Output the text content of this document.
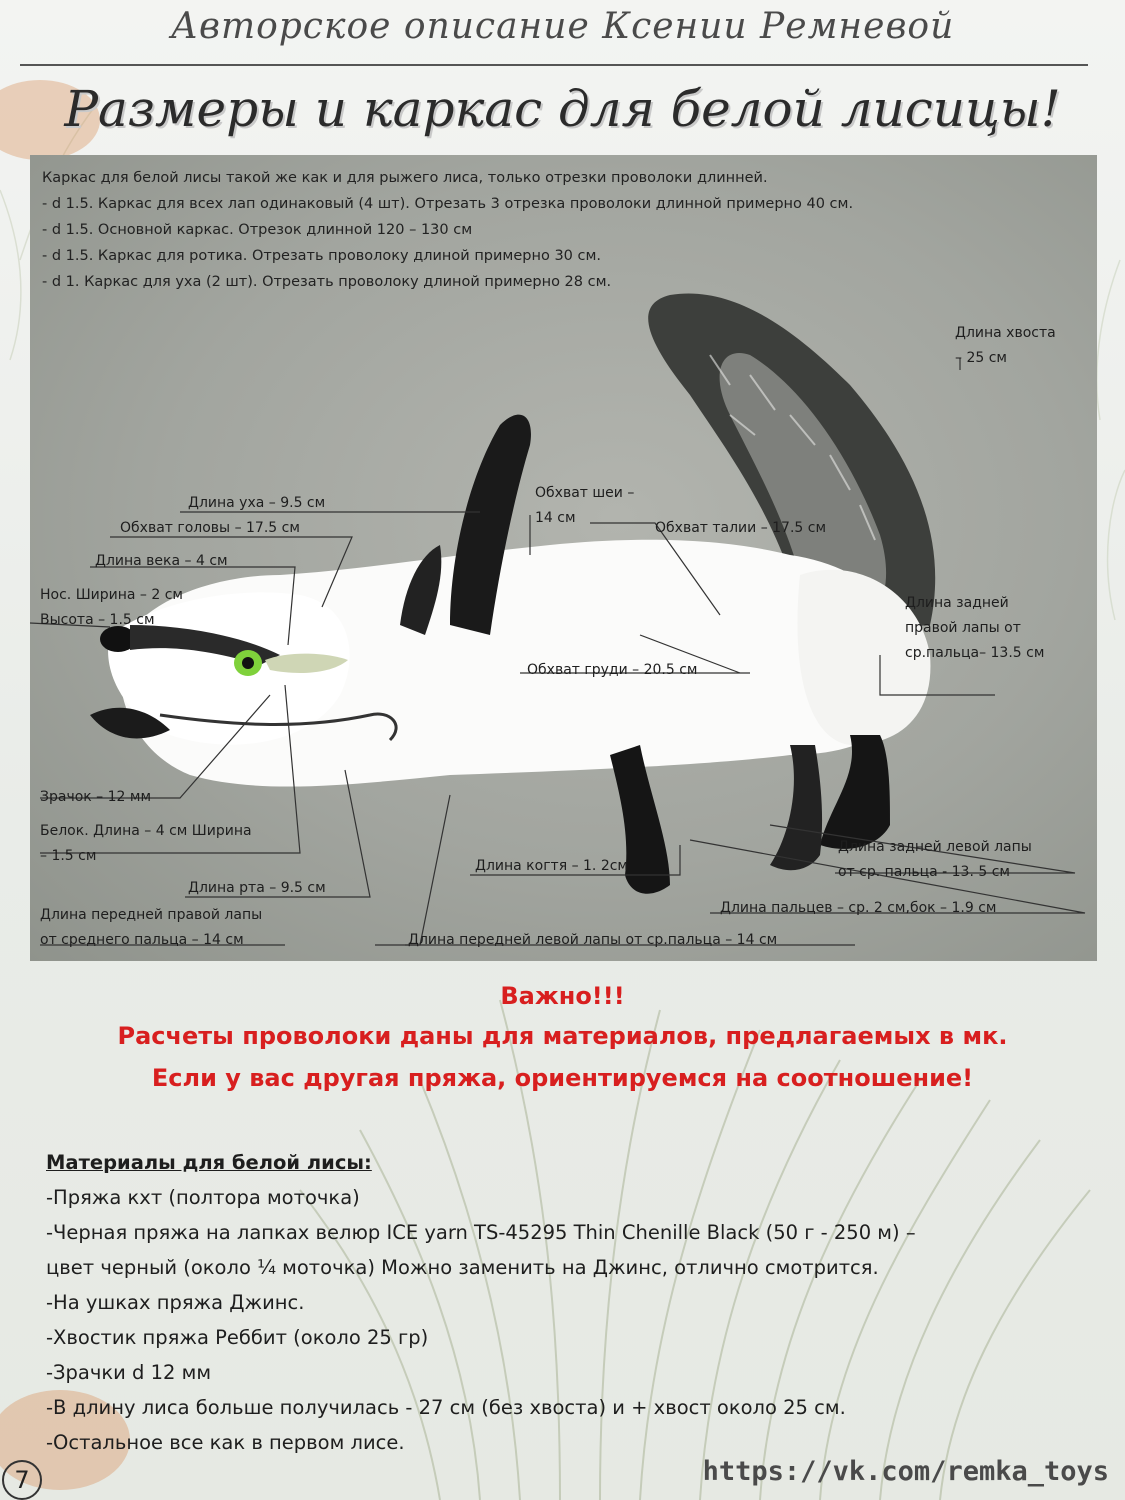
Авторское описание Ксении Ремневой
Размеры и каркас для белой лисицы!
Каркас для белой лисы такой же как и для рыжего лиса, только отрезки проволоки длинней.
- d 1.5. Каркас для всех лап одинаковый (4 шт). Отрезать 3 отрезка проволоки длинной примерно 40 см.
- d 1.5. Основной каркас. Отрезок длинной 120 – 130 см
- d 1.5. Каркас для ротика. Отрезать проволоку длиной примерно 30 см.
- d 1. Каркас для уха (2 шт). Отрезать проволоку длиной примерно 28 см.
Длина хвоста
– 25 см
Длина уха – 9.5 см
Обхват головы – 17.5 см
Обхват шеи –
14 см
Обхват талии – 17.5 см
Длина века – 4 см
Нос. Ширина – 2 см
Высота – 1.5 см
Длина задней
правой лапы от
ср.пальца– 13.5 см
Обхват груди – 20.5 см
Зрачок – 12 мм
Белок. Длина – 4 см Ширина
– 1.5 см
Длина когтя – 1. 2см
Длина задней левой лапы
от ср. пальца - 13. 5 см
Длина рта – 9.5 см
Длина пальцев – ср. 2 см,бок – 1.9 см
Длина передней правой лапы
от среднего пальца – 14 см	Длина передней левой лапы от ср.пальца – 14 см
Важно!!!
Расчеты проволоки даны для материалов, предлагаемых в мк.
Если у вас другая пряжа, ориентируемся на соотношение!
Материалы для белой лисы:
-Пряжа кхт (полтора моточка)
-Черная пряжа на лапках велюр ICE yarn TS-45295 Thin Chenille Black (50 г - 250 м) –
цвет черный (около ¼ моточка) Можно заменить на Джинс, отлично смотрится.
-На ушках пряжа Джинс.
-Хвостик пряжа Реббит (около 25 гр)
-Зрачки d 12 мм
-В длину лиса больше получилась - 27 см (без хвоста) и + хвост около 25 см.
-Остальное все как в первом лисе.
7	https://vk.com/remka_toys
